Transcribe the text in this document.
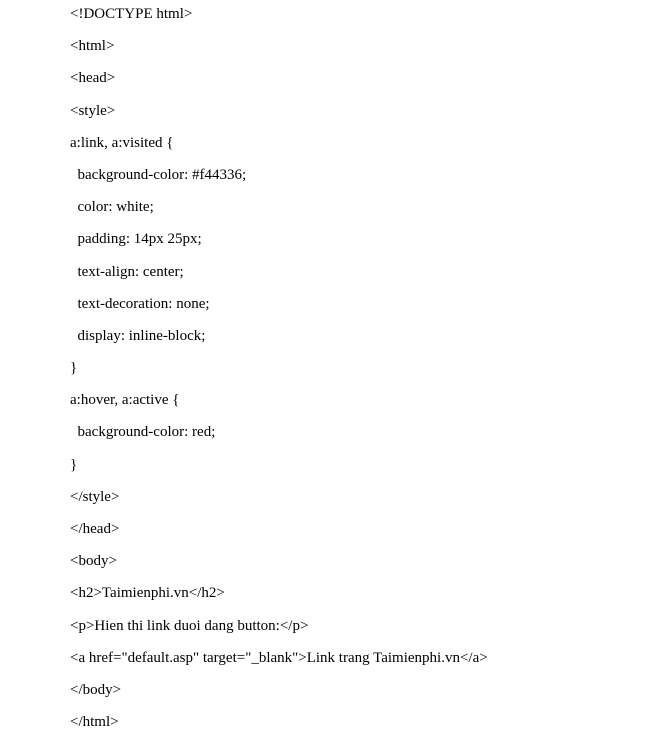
<!DOCTYPE html>
<html>
<head>
<style>
a:link, a:visited {
background-color: #f44336;
color: white;
padding: 14px 25px;
text-align: center;
text-decoration: none;
display: inline-block;
}
a:hover, a:active {
background-color: red;
}
</style>
</head>
<body>
<h2>Taimienphi.vn</h2>
<p>Hien thi link duoi dang button:</p>
<a href="default.asp" target="_blank">Link trang Taimienphi.vn</a>
</body>
</html>
